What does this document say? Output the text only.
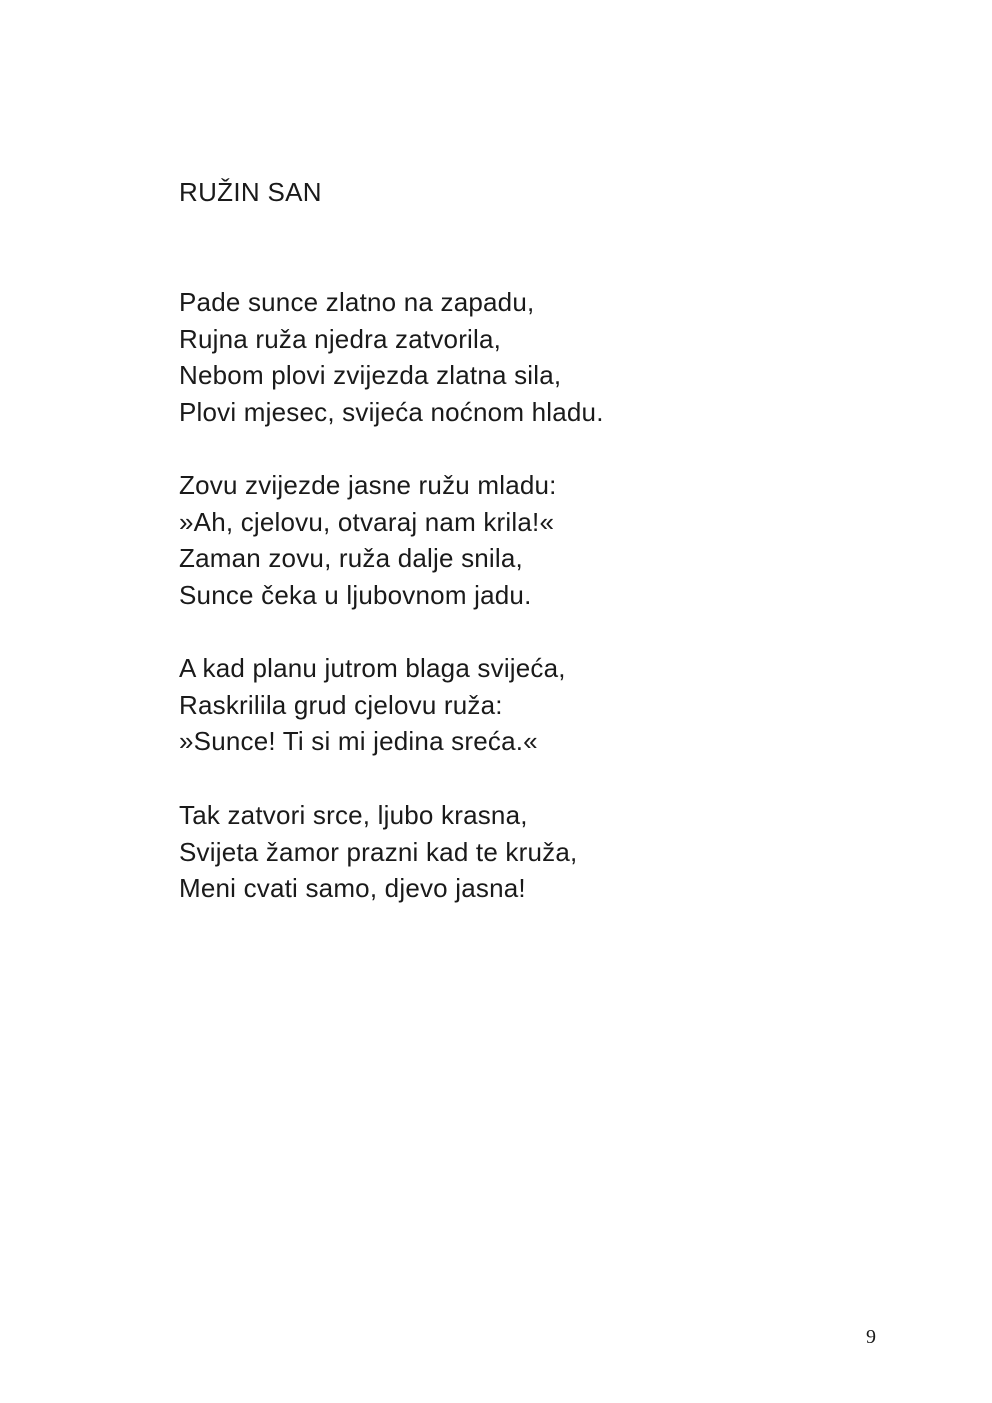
RUŽIN SAN
Pade sunce zlatno na zapadu,
Rujna ruža njedra zatvorila,
Nebom plovi zvijezda zlatna sila,
Plovi mjesec, svijeća noćnom hladu.
Zovu zvijezde jasne ružu mladu:
»Ah, cjelovu, otvaraj nam krila!«
Zaman zovu, ruža dalje snila,
Sunce čeka u ljubovnom jadu.
A kad planu jutrom blaga svijeća,
Raskrilila grud cjelovu ruža:
»Sunce! Ti si mi jedina sreća.«
Tak zatvori srce, ljubo krasna,
Svijeta žamor prazni kad te kruža,
Meni cvati samo, djevo jasna!
9
